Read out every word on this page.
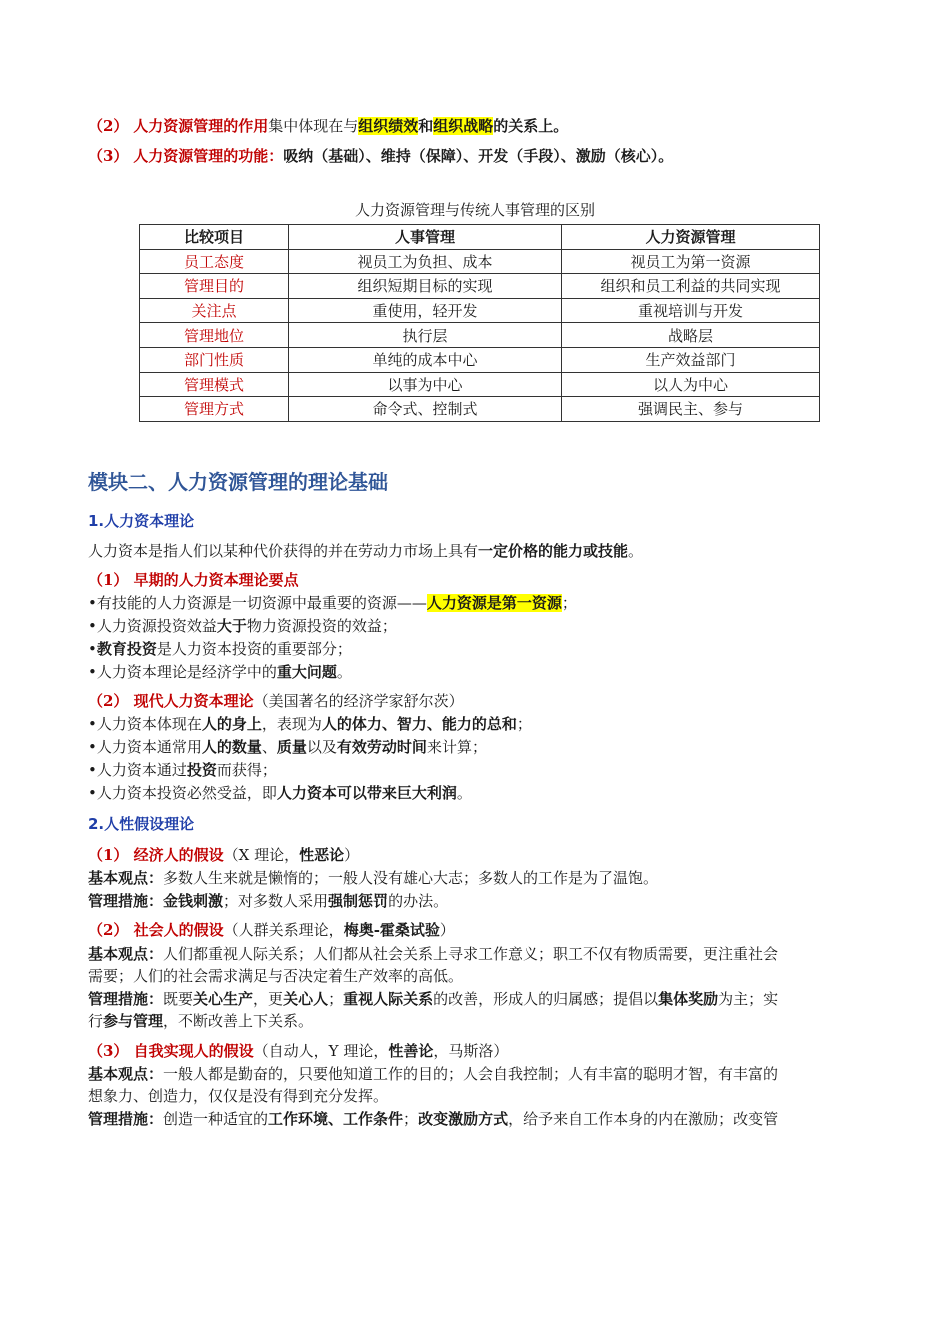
（2） 人力资源管理的作用集中体现在与组织绩效和组织战略的关系上。
（3） 人力资源管理的功能：吸纳（基础）、维持（保障）、开发（手段）、激励（核心）。
人力资源管理与传统人事管理的区别
比较项目	人事管理	人力资源管理
员工态度	视员工为负担、成本	视员工为第一资源
管理目的	组织短期目标的实现	组织和员工利益的共同实现
关注点	重使用，轻开发	重视培训与开发
管理地位	执行层	战略层
部门性质	单纯的成本中心	生产效益部门
管理模式	以事为中心	以人为中心
管理方式	命令式、控制式	强调民主、参与
模块二、人力资源管理的理论基础
1.人力资本理论
人力资本是指人们以某种代价获得的并在劳动力市场上具有一定价格的能力或技能。
（1） 早期的人力资本理论要点
•有技能的人力资源是一切资源中最重要的资源——人力资源是第一资源；
•人力资源投资效益大于物力资源投资的效益；
•教育投资是人力资本投资的重要部分；
•人力资本理论是经济学中的重大问题。
（2） 现代人力资本理论（美国著名的经济学家舒尔茨）
•人力资本体现在人的身上，表现为人的体力、智力、能力的总和；
•人力资本通常用人的数量、质量以及有效劳动时间来计算；
•人力资本通过投资而获得；
•人力资本投资必然受益，即人力资本可以带来巨大利润。
2.人性假设理论
（1） 经济人的假设（X 理论，性恶论）
基本观点：多数人生来就是懒惰的；一般人没有雄心大志；多数人的工作是为了温饱。
管理措施：金钱刺激；对多数人采用强制惩罚的办法。
（2） 社会人的假设（人群关系理论，梅奥-霍桑试验）
基本观点：人们都重视人际关系；人们都从社会关系上寻求工作意义；职工不仅有物质需要，更注重社会
需要；人们的社会需求满足与否决定着生产效率的高低。
管理措施：既要关心生产，更关心人；重视人际关系的改善，形成人的归属感；提倡以集体奖励为主；实
行参与管理，不断改善上下关系。
（3） 自我实现人的假设（自动人，Y 理论，性善论，马斯洛）
基本观点：一般人都是勤奋的，只要他知道工作的目的；人会自我控制；人有丰富的聪明才智，有丰富的
想象力、创造力，仅仅是没有得到充分发挥。
管理措施：创造一种适宜的工作环境、工作条件；改变激励方式，给予来自工作本身的内在激励；改变管
